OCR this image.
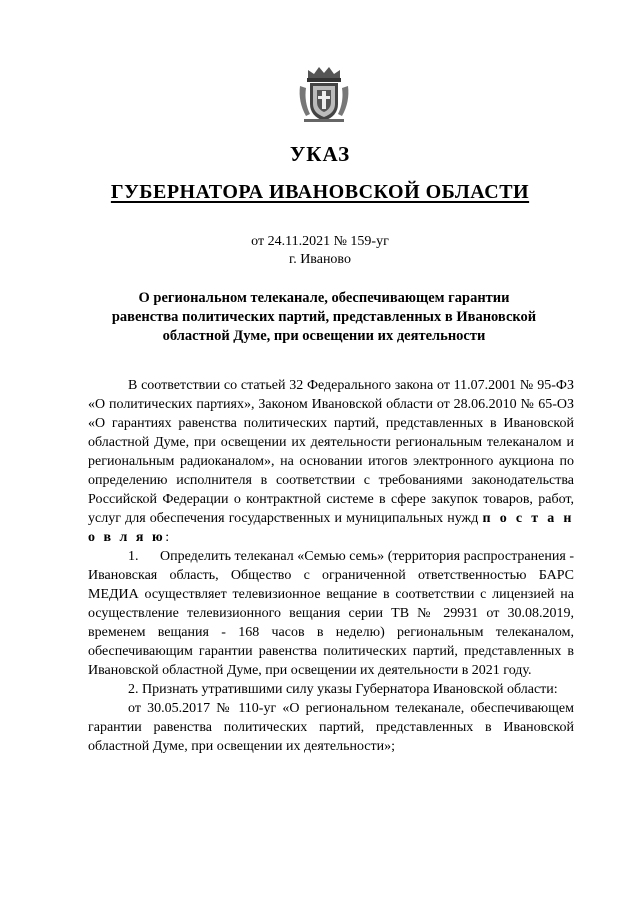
УКАЗ
ГУБЕРНАТОРА ИВАНОВСКОЙ ОБЛАСТИ
от 24.11.2021 № 159-уг
г. Иваново
О региональном телеканале, обеспечивающем гарантии равенства политических партий, представленных в Ивановской областной Думе, при освещении их деятельности

В соответствии со статьей 32 Федерального закона от 11.07.2001 № 95-ФЗ «О политических партиях», Законом Ивановской области от 28.06.2010 № 65-ОЗ «О гарантиях равенства политических партий, представленных в Ивановской областной Думе, при освещении их деятельности региональным телеканалом и региональным радиоканалом», на основании итогов электронного аукциона по определению исполнителя в соответствии с требованиями законодательства Российской Федерации о контрактной системе в сфере закупок товаров, работ, услуг для обеспечения государственных и муниципальных нужд п о с т а н о в л я ю:

1.      Определить телеканал «Семью семь» (территория распространения - Ивановская область, Общество с ограниченной ответственностью БАРС МЕДИА осуществляет телевизионное вещание в соответствии с лицензией на осуществление телевизионного вещания серии ТВ № 29931 от 30.08.2019, временем вещания - 168 часов в неделю) региональным телеканалом, обеспечивающим гарантии равенства политических партий, представленных в Ивановской областной Думе, при освещении их деятельности в 2021 году.

2. Признать утратившими силу указы Губернатора Ивановской области:

от 30.05.2017 № 110-уг «О региональном телеканале, обеспечивающем гарантии равенства политических партий, представленных в Ивановской областной Думе, при освещении их деятельности»;
